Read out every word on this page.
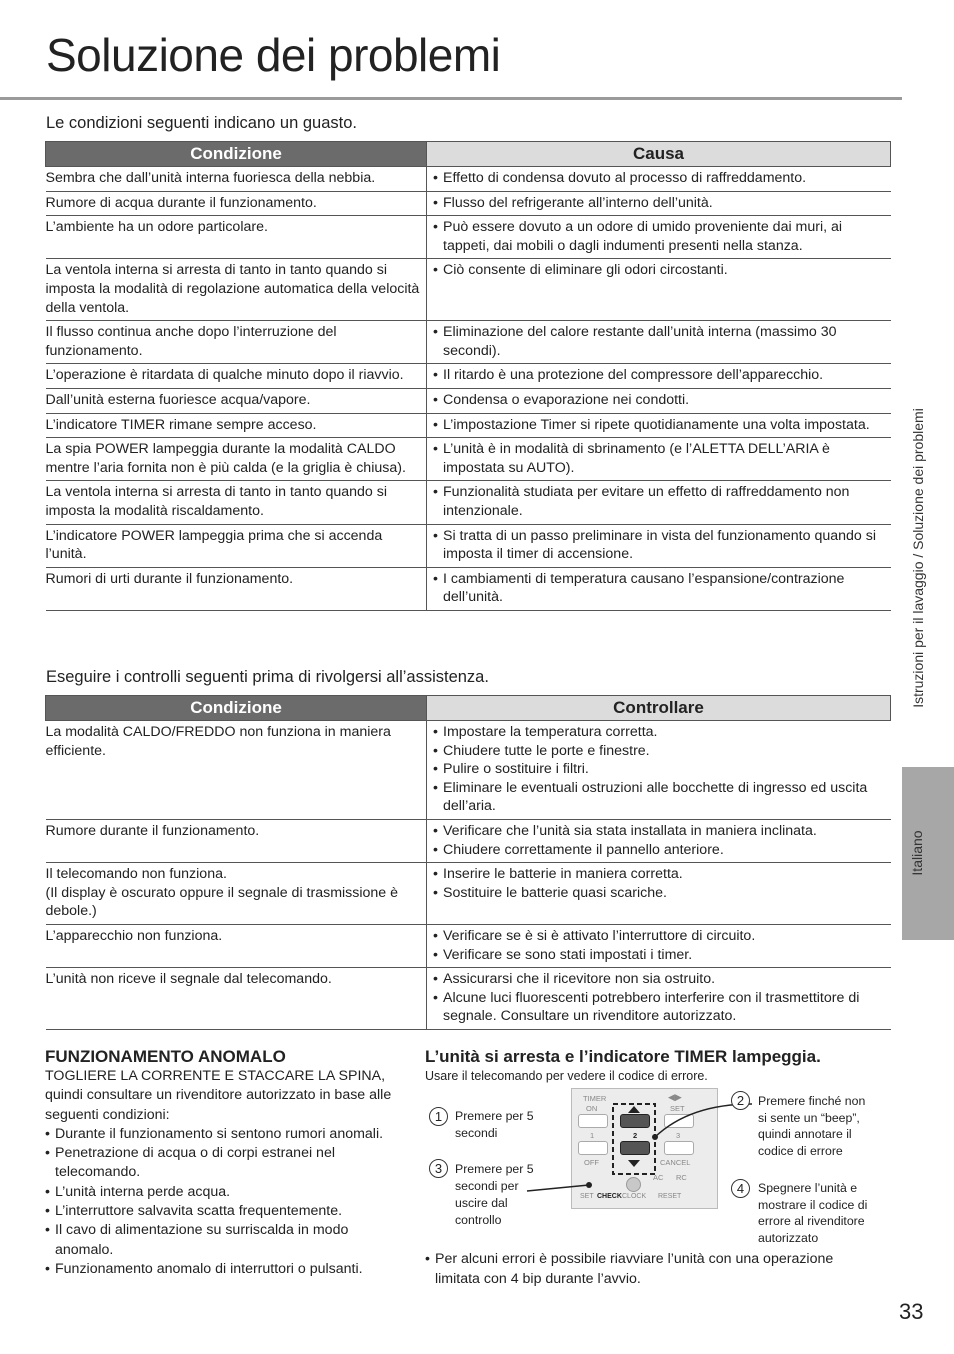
Soluzione dei problemi
Le condizioni seguenti indicano un guasto.
Condizione	Causa

Sembra che dall’unità interna fuoriesca della nebbia.	• Effetto di condensa dovuto al processo di raffreddamento.

Rumore di acqua durante il funzionamento.	• Flusso del refrigerante all’interno dell’unità.

L’ambiente ha un odore particolare.	• Può essere dovuto a un odore di umido proveniente dai muri, ai tappeti, dai mobili o dagli indumenti presenti nella stanza.

La ventola interna si arresta di tanto in tanto quando si imposta la modalità di regolazione automatica della velocità della ventola.	• Ciò consente di eliminare gli odori circostanti.

Il flusso continua anche dopo l’interruzione del funzionamento.	• Eliminazione del calore restante dall’unità interna (massimo 30 secondi).

L’operazione è ritardata di qualche minuto dopo il riavvio.	• Il ritardo è una protezione del compressore dell’apparecchio.

Dall’unità esterna fuoriesce acqua/vapore.	• Condensa o evaporazione nei condotti.

L’indicatore TIMER rimane sempre acceso.	• L’impostazione Timer si ripete quotidianamente una volta impostata.

La spia POWER lampeggia durante la modalità CALDO mentre l’aria fornita non è più calda (e la griglia è chiusa).	• L’unità è in modalità di sbrinamento (e l’ALETTA DELL’ARIA è impostata su AUTO).

La ventola interna si arresta di tanto in tanto quando si imposta la modalità riscaldamento.	• Funzionalità studiata per evitare un effetto di raffreddamento non intenzionale.

L’indicatore POWER lampeggia prima che si accenda l’unità.	• Si tratta di un passo preliminare in vista del funzionamento quando si imposta il timer di accensione.

Rumori di urti durante il funzionamento.	• I cambiamenti di temperatura causano l’espansione/contrazione dell’unità.
Eseguire i controlli seguenti prima di rivolgersi all’assistenza.
Condizione	Controllare

La modalità CALDO/FREDDO non funziona in maniera efficiente.	• Impostare la temperatura corretta.
• Chiudere tutte le porte e finestre.
• Pulire o sostituire i filtri.
• Eliminare le eventuali ostruzioni alle bocchette di ingresso ed uscita dell’aria.

Rumore durante il funzionamento.	• Verificare che l’unità sia stata installata in maniera inclinata.
• Chiudere correttamente il pannello anteriore.

Il telecomando non funziona.
(Il display è oscurato oppure il segnale di trasmissione è debole.)	• Inserire le batterie in maniera corretta.
• Sostituire le batterie quasi scariche.

L’apparecchio non funziona.	• Verificare se è si è attivato l’interruttore di circuito.
• Verificare se sono stati impostati i timer.

L’unità non riceve il segnale dal telecomando.	• Assicurarsi che il ricevitore non sia ostruito.
• Alcune luci fluorescenti potrebbero interferire con il trasmettitore di segnale. Consultare un rivenditore autorizzato.
Istruzioni per il lavaggio / Soluzione dei problemi
Italiano
FUNZIONAMENTO ANOMALO

TOGLIERE LA CORRENTE E STACCARE LA SPINA, quindi consultare un rivenditore autorizzato in base alle seguenti condizioni:

• Durante il funzionamento si sentono rumori anomali.
• Penetrazione di acqua o di corpi estranei nel telecomando.
• L’unità interna perde acqua.
• L’interruttore salvavita scatta frequentemente.
• Il cavo di alimentazione su surriscalda in modo anomalo.
• Funzionamento anomalo di interruttori o pulsanti.
L’unità si arresta e l’indicatore TIMER lampeggia.
Usare il telecomando per vedere il codice di errore.
TIMER	◀▶
ON	SET
1	2	3
OFF	CANCEL
AC RC
SET CHECK CLOCK RESET
1	Premere per 5 secondi
3	Premere per 5 secondi per uscire dal controllo
2	Premere finché non si sente un “beep”, quindi annotare il codice di errore
4	Spegnere l’unità e mostrare il codice di errore al rivenditore autorizzato
• Per alcuni errori è possibile riavviare l’unità con una operazione limitata con 4 bip durante l’avvio.
33
